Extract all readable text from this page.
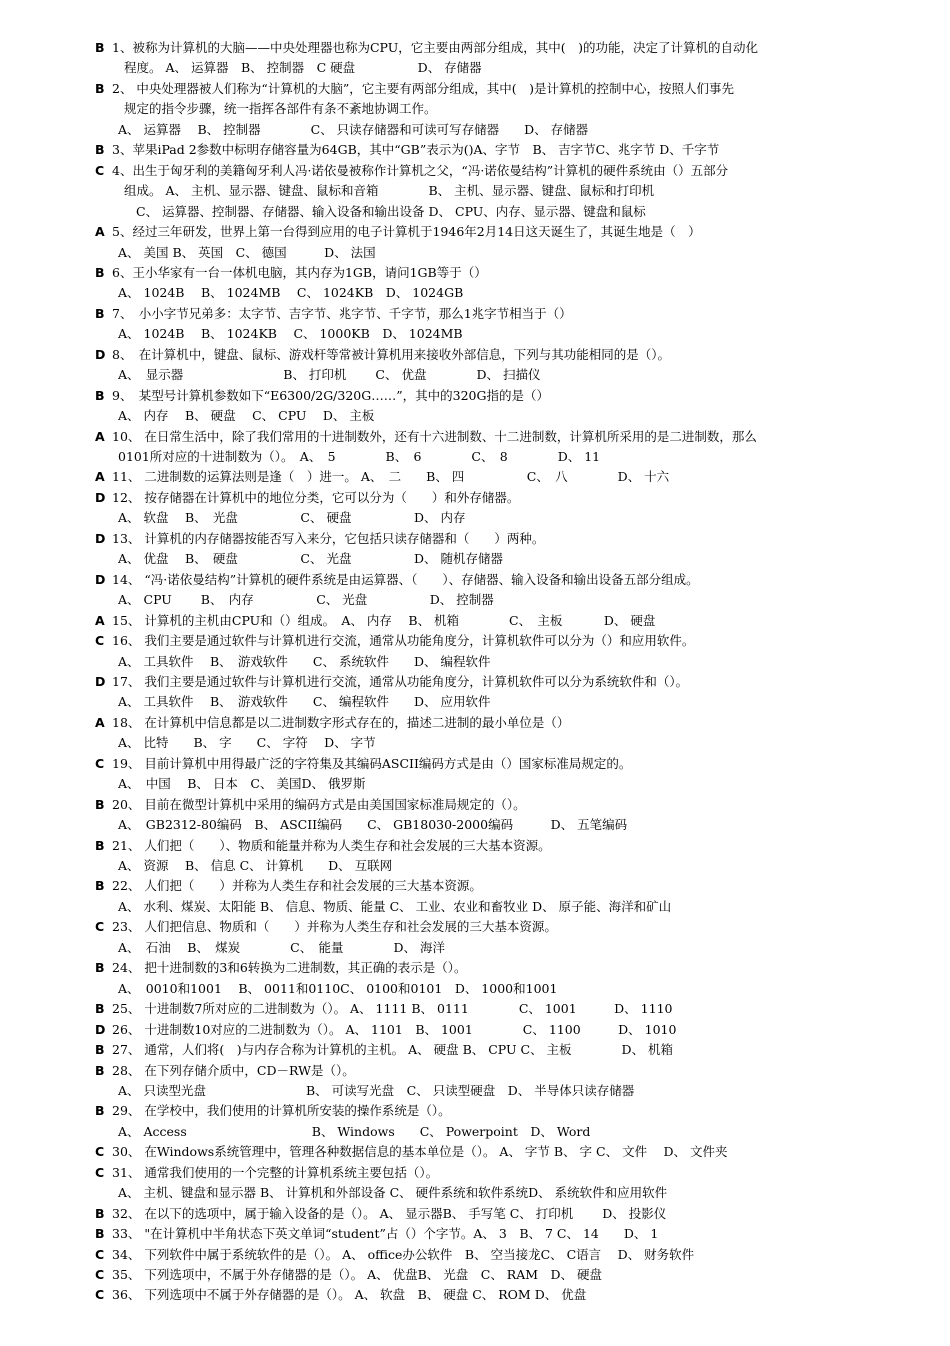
B 1、被称为计算机的大脑——中央处理器也称为CPU，它主要由两部分组成，其中(　)的功能，决定了计算机的自动化
程度。 A、 运算器　B、 控制器　C 硬盘　　　　　D、 存储器
B 2、 中央处理器被人们称为“计算机的大脑”，它主要有两部分组成，其中(　)是计算机的控制中心，按照人们事先
规定的指令步骤，统一指挥各部件有条不紊地协调工作。
A、 运算器　 B、 控制器　　　　C、 只读存储器和可读可写存储器　　D、 存储器
B 3、苹果iPad 2参数中标明存储容量为64GB，其中“GB”表示为()A、字节　B、 吉字节C、兆字节 D、千字节
C 4、出生于匈牙利的美籍匈牙利人冯·诺依曼被称作计算机之父，“冯·诺依曼结构”计算机的硬件系统由（）五部分
组成。 A、 主机、显示器、键盘、鼠标和音箱　　　　B、 主机、显示器、键盘、鼠标和打印机
C、 运算器、控制器、存储器、输入设备和输出设备 D、 CPU、内存、显示器、键盘和鼠标
A 5、经过三年研发，世界上第一台得到应用的电子计算机于1946年2月14日这天诞生了，其诞生地是（　）
A、 美国 B、 英国　C、 德国　　　D、 法国
B 6、王小华家有一台一体机电脑，其内存为1GB，请问1GB等于（）
A、 1024B　 B、 1024MB　 C、 1024KB　D、 1024GB
B 7、　小小字节兄弟多：太字节、吉字节、兆字节、千字节，那么1兆字节相当于（）
A、 1024B　 B、 1024KB　 C、 1000KB　D、 1024MB
D 8、　在计算机中，键盘、鼠标、游戏杆等常被计算机用来接收外部信息，下列与其功能相同的是（）。
A、　显示器　　　　　　　　B、 打印机　　 C、 优盘　　　　D、 扫描仪
B 9、　某型号计算机参数如下“E6300/2G/320G……”，其中的320G指的是（）
A、 内存　 B、 硬盘　 C、 CPU　 D、 主板
A 10、 在日常生活中，除了我们常用的十进制数外，还有十六进制数、十二进制数，计算机所采用的是二进制数，那么
0101所对应的十进制数为（）。　A、　5　　　　B、　6　　　　C、　8　　　　D、 11
A 11、 二进制数的运算法则是逢（　）进一。 A、　二　　B、 四　　　　　C、　八　　　　D、 十六
D 12、 按存储器在计算机中的地位分类，它可以分为（　　）和外存储器。
A、 软盘　 B、　光盘　　　　　C、 硬盘　　　　　D、 内存
D 13、 计算机的内存储器按能否写入来分，它包括只读存储器和（　　）两种。
A、 优盘　 B、　硬盘　　　　　C、 光盘　　　　　D、 随机存储器
D 14、 “冯·诺依曼结构”计算机的硬件系统是由运算器、（　　）、存储器、输入设备和输出设备五部分组成。
A、 CPU　　 B、　内存　　　　　C、 光盘　　　　　D、 控制器
A 15、 计算机的主机由CPU和（）组成。　A、 内存　 B、 机箱　　　　C、　主板　　　 D、 硬盘
C 16、 我们主要是通过软件与计算机进行交流，通常从功能角度分，计算机软件可以分为（）和应用软件。
A、 工具软件　 B、　游戏软件　　C、 系统软件　　D、 编程软件
D 17、 我们主要是通过软件与计算机进行交流，通常从功能角度分，计算机软件可以分为系统软件和（）。
A、 工具软件　 B、　游戏软件　　C、 编程软件　　D、 应用软件
A 18、 在计算机中信息都是以二进制数字形式存在的，描述二进制的最小单位是（）
A、 比特　　B、 字　　C、 字符　 D、 字节
C 19、 目前计算机中用得最广泛的字符集及其编码ASCII编码方式是由（）国家标准局规定的。
A、　中国　 B、 日本　C、 美国D、 俄罗斯
B 20、 目前在微型计算机中采用的编码方式是由美国国家标准局规定的（）。
A、　GB2312-80编码　B、 ASCII编码　　C、 GB18030-2000编码　　　D、 五笔编码
B 21、 人们把（　　）、物质和能量并称为人类生存和社会发展的三大基本资源。
A、 资源　 B、 信息 C、 计算机　　D、 互联网
B 22、 人们把（　　）并称为人类生存和社会发展的三大基本资源。
A、 水利、煤炭、太阳能 B、 信息、物质、能量 C、 工业、农业和畜牧业 D、 原子能、海洋和矿山
C 23、 人们把信息、物质和（　　）并称为人类生存和社会发展的三大基本资源。
A、　石油　 B、　煤炭　　　　C、　能量　　　　D、 海洋
B 24、 把十进制数的3和6转换为二进制数，其正确的表示是（）。
A、　0010和1001　 B、 0011和0110C、 0100和0101　D、 1000和1001
B 25、 十进制数7所对应的二进制数为（）。 A、 1111 B、 0111　　　　C、 1001　　　D、 1110
D 26、 十进制数10对应的二进制数为（）。 A、 1101　B、 1001　　　　C、 1100　　　D、 1010
B 27、 通常，人们将(　)与内存合称为计算机的主机。 A、 硬盘 B、 CPU C、 主板　　　　D、 机箱
B 28、 在下列存储介质中，CD－RW是（）。
A、 只读型光盘　　　　　　　　B、 可读写光盘　C、 只读型硬盘　D、 半导体只读存储器
B 29、 在学校中，我们使用的计算机所安装的操作系统是（）。
A、 Access　　　　　　　　　　B、 Windows　　C、 Powerpoint　D、 Word
C 30、 在Windows系统管理中，管理各种数据信息的基本单位是（）。 A、 字节 B、 字 C、 文件　 D、 文件夹
C 31、 通常我们使用的一个完整的计算机系统主要包括（）。
A、 主机、键盘和显示器 B、 计算机和外部设备 C、 硬件系统和软件系统D、 系统软件和应用软件
B 32、 在以下的选项中，属于输入设备的是（）。 A、 显示器B、 手写笔 C、 打印机　　 D、 投影仪
B 33、 "在计算机中半角状态下英文单词“student”占（）个字节。A、 3　B、 7 C、 14　　D、 1
C 34、 下列软件中属于系统软件的是（）。 A、 office办公软件　B、 空当接龙C、 C语言　 D、 财务软件
C 35、 下列选项中，不属于外存储器的是（）。 A、 优盘B、 光盘　C、 RAM　D、 硬盘
C 36、 下列选项中不属于外存储器的是（）。 A、 软盘　B、 硬盘 C、 ROM D、 优盘
